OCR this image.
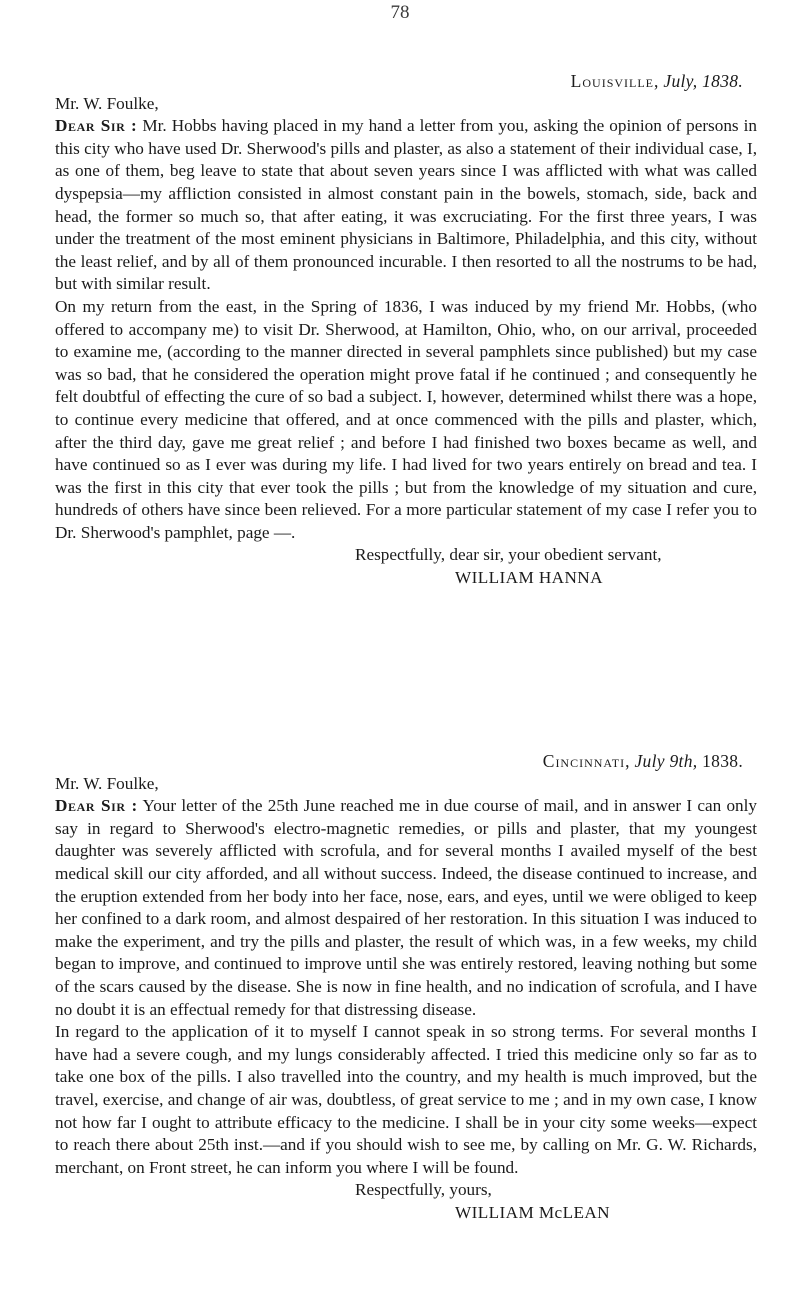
78
Louisville, July, 1838.

Mr. W. Foulke,

Dear Sir : Mr. Hobbs having placed in my hand a letter from you, asking the opinion of persons in this city who have used Dr. Sherwood's pills and plaster, as also a statement of their individual case, I, as one of them, beg leave to state that about seven years since I was afflicted with what was called dyspepsia—my affliction consisted in almost constant pain in the bowels, stomach, side, back and head, the former so much so, that after eating, it was excruciating. For the first three years, I was under the treatment of the most eminent physicians in Baltimore, Philadelphia, and this city, without the least relief, and by all of them pronounced incurable. I then resorted to all the nostrums to be had, but with similar result.

On my return from the east, in the Spring of 1836, I was induced by my friend Mr. Hobbs, (who offered to accompany me) to visit Dr. Sherwood, at Hamilton, Ohio, who, on our arrival, proceeded to examine me, (according to the manner directed in several pamphlets since published) but my case was so bad, that he considered the operation might prove fatal if he continued ; and consequently he felt doubtful of effecting the cure of so bad a subject. I, however, determined whilst there was a hope, to continue every medicine that offered, and at once commenced with the pills and plaster, which, after the third day, gave me great relief ; and before I had finished two boxes became as well, and have continued so as I ever was during my life. I had lived for two years entirely on bread and tea. I was the first in this city that ever took the pills ; but from the knowledge of my situation and cure, hundreds of others have since been relieved. For a more particular statement of my case I refer you to Dr. Sherwood's pamphlet, page —.

Respectfully, dear sir, your obedient servant,

WILLIAM HANNA

Cincinnati, July 9th, 1838.

Mr. W. Foulke,

Dear Sir : Your letter of the 25th June reached me in due course of mail, and in answer I can only say in regard to Sherwood's electro-magnetic remedies, or pills and plaster, that my youngest daughter was severely afflicted with scrofula, and for several months I availed myself of the best medical skill our city afforded, and all without success. Indeed, the disease continued to increase, and the eruption extended from her body into her face, nose, ears, and eyes, until we were obliged to keep her confined to a dark room, and almost despaired of her restoration. In this situation I was induced to make the experiment, and try the pills and plaster, the result of which was, in a few weeks, my child began to improve, and continued to improve until she was entirely restored, leaving nothing but some of the scars caused by the disease. She is now in fine health, and no indication of scrofula, and I have no doubt it is an effectual remedy for that distressing disease.

In regard to the application of it to myself I cannot speak in so strong terms. For several months I have had a severe cough, and my lungs considerably affected. I tried this medicine only so far as to take one box of the pills. I also travelled into the country, and my health is much improved, but the travel, exercise, and change of air was, doubtless, of great service to me ; and in my own case, I know not how far I ought to attribute efficacy to the medicine. I shall be in your city some weeks—expect to reach there about 25th inst.—and if you should wish to see me, by calling on Mr. G. W. Richards, merchant, on Front street, he can inform you where I will be found.

Respectfully, yours,

WILLIAM McLEAN
